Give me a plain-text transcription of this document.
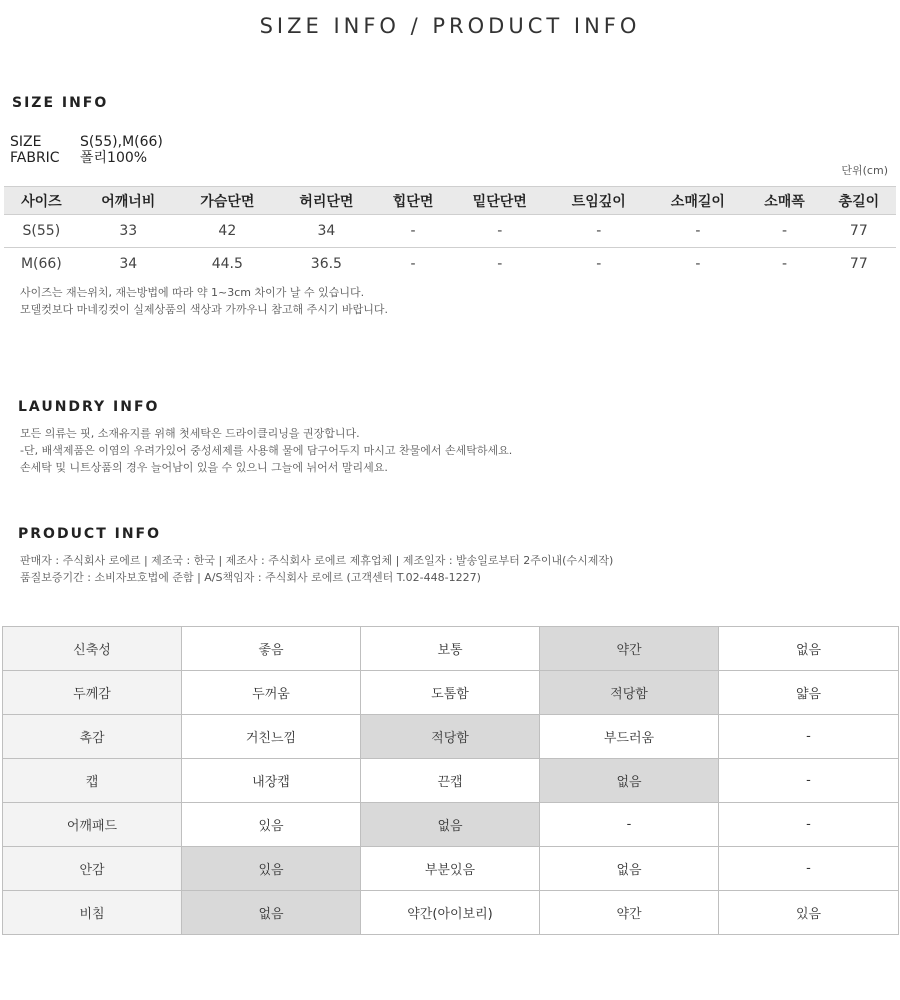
SIZE INFO / PRODUCT INFO
SIZE INFO
SIZE	S(55),M(66)
FABRIC	폴리100%
단위(cm)
사이즈	어깨너비	가슴단면	허리단면	힙단면	밑단단면	트임깊이	소매길이	소매폭	총길이
S(55)	33	42	34	-	-	-	-	-	77
M(66)	34	44.5	36.5	-	-	-	-	-	77
사이즈는 재는위치, 재는방법에 따라 약 1~3cm 차이가 날 수 있습니다.
모델컷보다 마네킹컷이 실제상품의 색상과 가까우니 참고해 주시기 바랍니다.
LAUNDRY INFO
모든 의류는 핏, 소재유지를 위해 첫세탁은 드라이클리닝을 권장합니다.
-단, 배색제품은 이염의 우려가있어 중성세제를 사용해 물에 담구어두지 마시고 찬물에서 손세탁하세요.
손세탁 및 니트상품의 경우 늘어남이 있을 수 있으니 그늘에 뉘어서 말리세요.
PRODUCT INFO
판매자 : 주식회사 로에르 | 제조국 : 한국 | 제조사 : 주식회사 로에르 제휴업체 | 제조일자 : 발송일로부터 2주이내(수시제작)
품질보증기간 : 소비자보호법에 준함 | A/S책임자 : 주식회사 로에르 (고객센터 T.02-448-1227)
신축성	좋음	보통	약간	없음
두께감	두꺼움	도톰함	적당함	얇음
촉감	거친느낌	적당함	부드러움	-
캡	내장캡	끈캡	없음	-
어깨패드	있음	없음	-	-
안감	있음	부분있음	없음	-
비침	없음	약간(아이보리)	약간	있음
